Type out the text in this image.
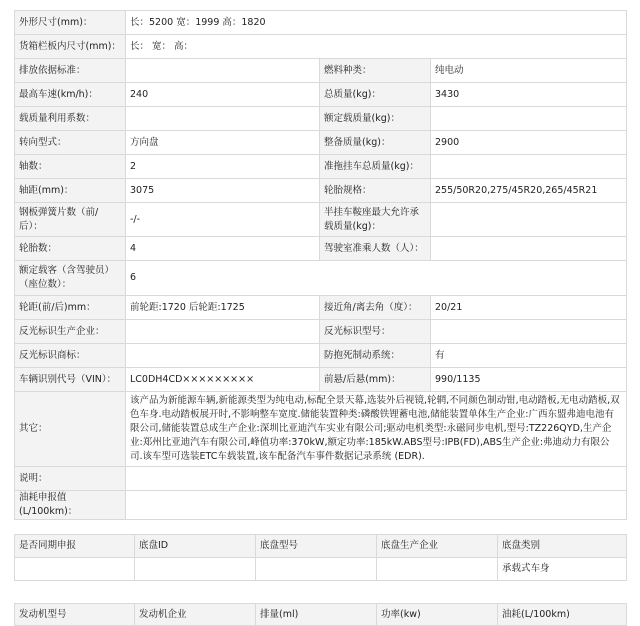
外形尺寸(mm)：	长：5200 宽：1999 高：1820		
货箱栏板内尺寸(mm)：	长： 宽： 高：		
排放依据标准：		燃料种类：	纯电动
最高车速(km/h)：	240	总质量(kg)：	3430
载质量利用系数：		额定载质量(kg)：	
转向型式：	方向盘	整备质量(kg)：	2900
轴数：	2	准拖挂车总质量(kg)：	
轴距(mm)：	3075	轮胎规格：	255/50R20,275/45R20,265/45R21
钢板弹簧片数（前/后）：	-/-	半挂车鞍座最大允许承载质量(kg)：	
轮胎数：	4	驾驶室准乘人数（人）：	
额定载客（含驾驶员）（座位数）：	6		
轮距(前/后)mm：	前轮距:1720 后轮距:1725	接近角/离去角（度）：	20/21
反光标识生产企业：		反光标识型号：	
反光标识商标：		防抱死制动系统：	有
车辆识别代号（VIN）：	LC0DH4CD×××××××××	前悬/后悬(mm)：	990/1135
其它：	该产品为新能源车辆,新能源类型为纯电动,标配全景天幕,选装外后视镜,轮辋,不同颜色制动钳,电动踏板,无电动踏板,双色车身.电动踏板展开时,不影响整车宽度.储能装置种类:磷酸铁锂蓄电池,储能装置单体生产企业:广西东盟弗迪电池有限公司,储能装置总成生产企业:深圳比亚迪汽车实业有限公司;驱动电机类型:永磁同步电机,型号:TZ226QYD,生产企业:郑州比亚迪汽车有限公司,峰值功率:370kW,额定功率:185kW.ABS型号:IPB(FD),ABS生产企业:弗迪动力有限公司.该车型可选装ETC车载装置,该车配备汽车事件数据记录系统 (EDR).		
说明：			
油耗申报值(L/100km)：			
是否同期申报	底盘ID	底盘型号	底盘生产企业	底盘类别
				承载式车身
发动机型号	发动机企业	排量(ml)	功率(kw)	油耗(L/100km)
